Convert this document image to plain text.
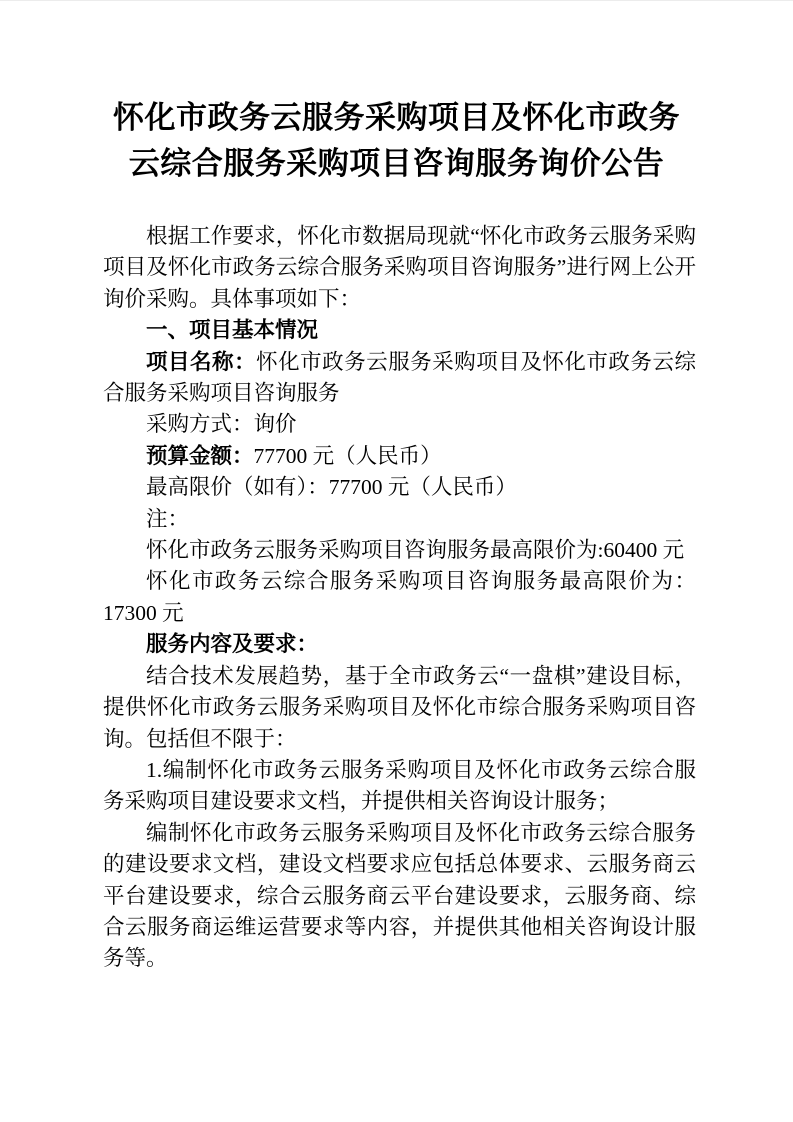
怀化市政务云服务采购项目及怀化市政务
云综合服务采购项目咨询服务询价公告

根据工作要求，怀化市数据局现就“怀化市政务云服务采购项目及怀化市政务云综合服务采购项目咨询服务”进行网上公开询价采购。具体事项如下：

一、项目基本情况

项目名称：怀化市政务云服务采购项目及怀化市政务云综合服务采购项目咨询服务

采购方式：询价

预算金额：77700 元（人民币）

最高限价（如有）：77700 元（人民币）

注：

怀化市政务云服务采购项目咨询服务最高限价为:60400 元

怀化市政务云综合服务采购项目咨询服务最高限价为：17300 元

服务内容及要求：

结合技术发展趋势，基于全市政务云“一盘棋”建设目标，提供怀化市政务云服务采购项目及怀化市综合服务采购项目咨询。包括但不限于：

1.编制怀化市政务云服务采购项目及怀化市政务云综合服务采购项目建设要求文档，并提供相关咨询设计服务；

编制怀化市政务云服务采购项目及怀化市政务云综合服务的建设要求文档，建设文档要求应包括总体要求、云服务商云平台建设要求，综合云服务商云平台建设要求，云服务商、综合云服务商运维运营要求等内容，并提供其他相关咨询设计服务等。
